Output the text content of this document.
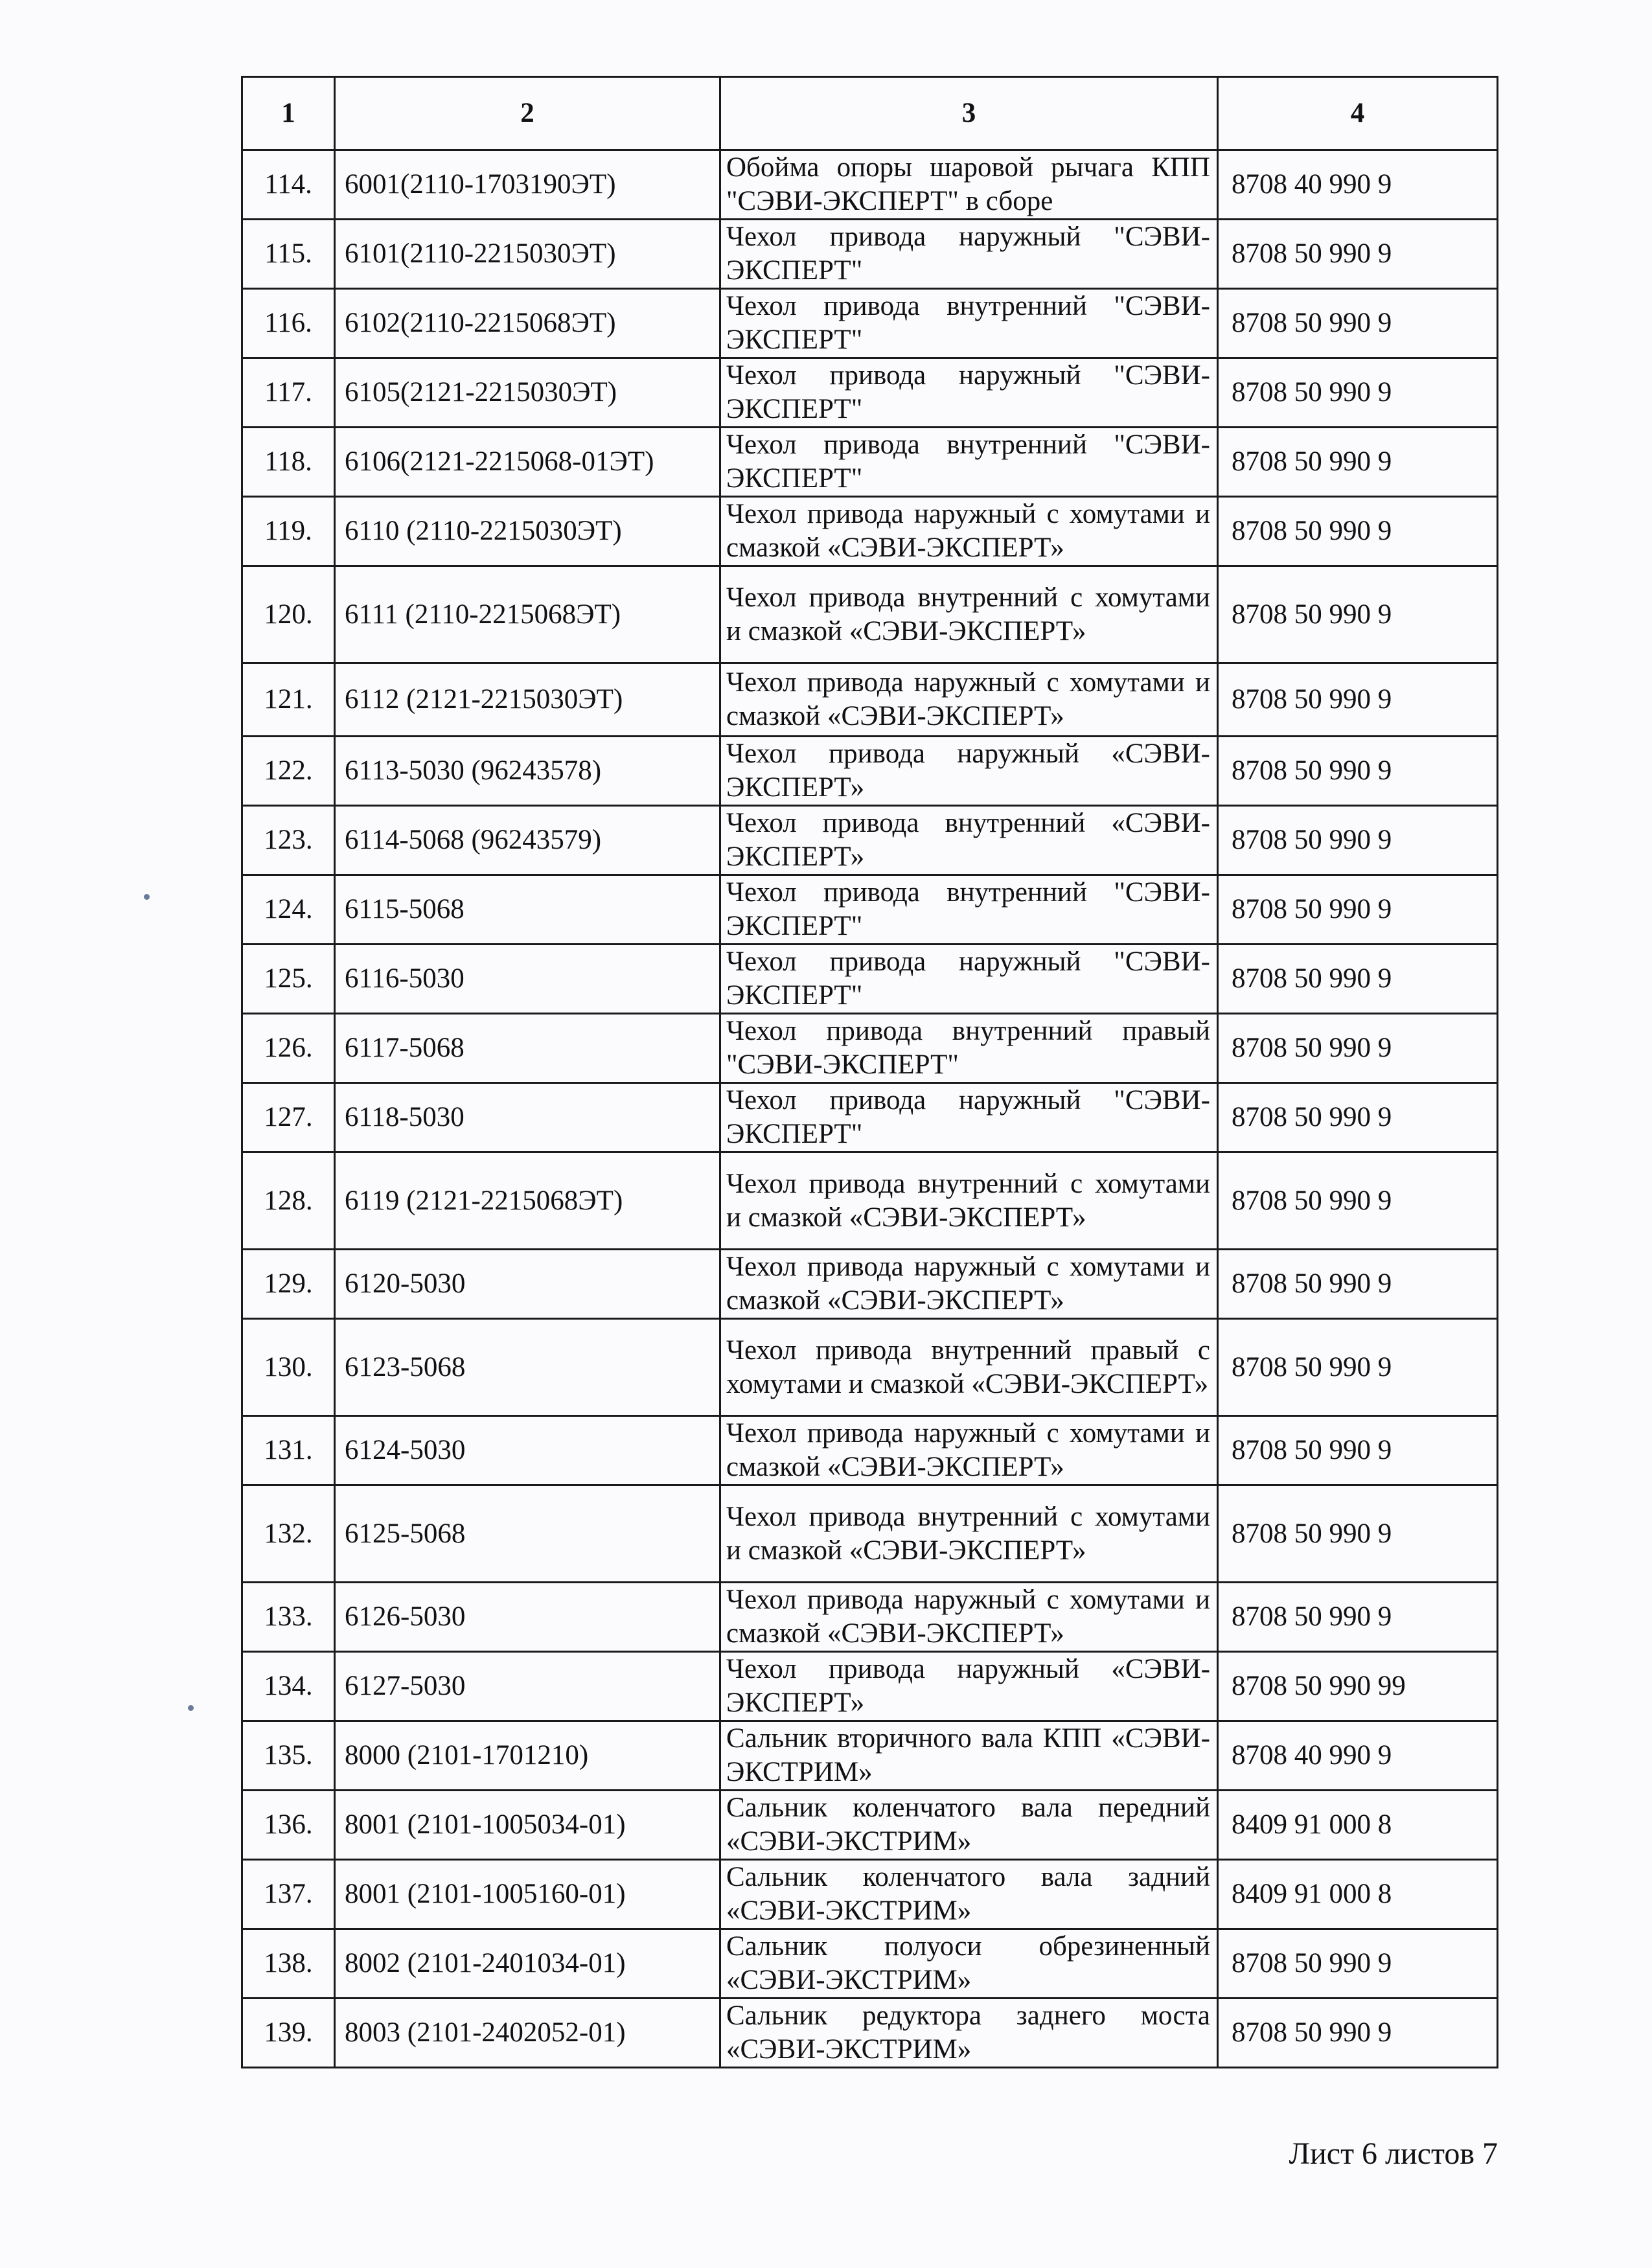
1	2	3	4
114.	6001(2110-1703190ЭТ)	Обойма опоры шаровой рычага КПП "СЭВИ-ЭКСПЕРТ" в сборе	8708 40 990 9
115.	6101(2110-2215030ЭТ)	Чехол привода наружный "СЭВИ-ЭКСПЕРТ"	8708 50 990 9
116.	6102(2110-2215068ЭТ)	Чехол привода внутренний "СЭВИ-ЭКСПЕРТ"	8708 50 990 9
117.	6105(2121-2215030ЭТ)	Чехол привода наружный "СЭВИ-ЭКСПЕРТ"	8708 50 990 9
118.	6106(2121-2215068-01ЭТ)	Чехол привода внутренний "СЭВИ-ЭКСПЕРТ"	8708 50 990 9
119.	6110 (2110-2215030ЭТ)	Чехол привода наружный с хомутами и смазкой «СЭВИ-ЭКСПЕРТ»	8708 50 990 9
120.	6111 (2110-2215068ЭТ)	Чехол привода внутренний с хомутами и смазкой «СЭВИ-ЭКСПЕРТ»	8708 50 990 9
121.	6112 (2121-2215030ЭТ)	Чехол привода наружный с хомутами и смазкой «СЭВИ-ЭКСПЕРТ»	8708 50 990 9
122.	6113-5030 (96243578)	Чехол привода наружный «СЭВИ-ЭКСПЕРТ»	8708 50 990 9
123.	6114-5068 (96243579)	Чехол привода внутренний «СЭВИ-ЭКСПЕРТ»	8708 50 990 9
124.	6115-5068	Чехол привода внутренний "СЭВИ-ЭКСПЕРТ"	8708 50 990 9
125.	6116-5030	Чехол привода наружный "СЭВИ-ЭКСПЕРТ"	8708 50 990 9
126.	6117-5068	Чехол привода внутренний правый "СЭВИ-ЭКСПЕРТ"	8708 50 990 9
127.	6118-5030	Чехол привода наружный "СЭВИ-ЭКСПЕРТ"	8708 50 990 9
128.	6119 (2121-2215068ЭТ)	Чехол привода внутренний с хомутами и смазкой «СЭВИ-ЭКСПЕРТ»	8708 50 990 9
129.	6120-5030	Чехол привода наружный с хомутами и смазкой «СЭВИ-ЭКСПЕРТ»	8708 50 990 9
130.	6123-5068	Чехол привода внутренний правый с хомутами и смазкой «СЭВИ-ЭКСПЕРТ»	8708 50 990 9
131.	6124-5030	Чехол привода наружный с хомутами и смазкой «СЭВИ-ЭКСПЕРТ»	8708 50 990 9
132.	6125-5068	Чехол привода внутренний с хомутами и смазкой «СЭВИ-ЭКСПЕРТ»	8708 50 990 9
133.	6126-5030	Чехол привода наружный с хомутами и смазкой «СЭВИ-ЭКСПЕРТ»	8708 50 990 9
134.	6127-5030	Чехол привода наружный «СЭВИ-ЭКСПЕРТ»	8708 50 990 99
135.	8000 (2101-1701210)	Сальник вторичного вала КПП «СЭВИ-ЭКСТРИМ»	8708 40 990 9
136.	8001 (2101-1005034-01)	Сальник коленчатого вала передний «СЭВИ-ЭКСТРИМ»	8409 91 000 8
137.	8001 (2101-1005160-01)	Сальник коленчатого вала задний «СЭВИ-ЭКСТРИМ»	8409 91 000 8
138.	8002 (2101-2401034-01)	Сальник полуоси обрезиненный «СЭВИ-ЭКСТРИМ»	8708 50 990 9
139.	8003 (2101-2402052-01)	Сальник редуктора заднего моста «СЭВИ-ЭКСТРИМ»	8708 50 990 9
Лист 6 листов 7
